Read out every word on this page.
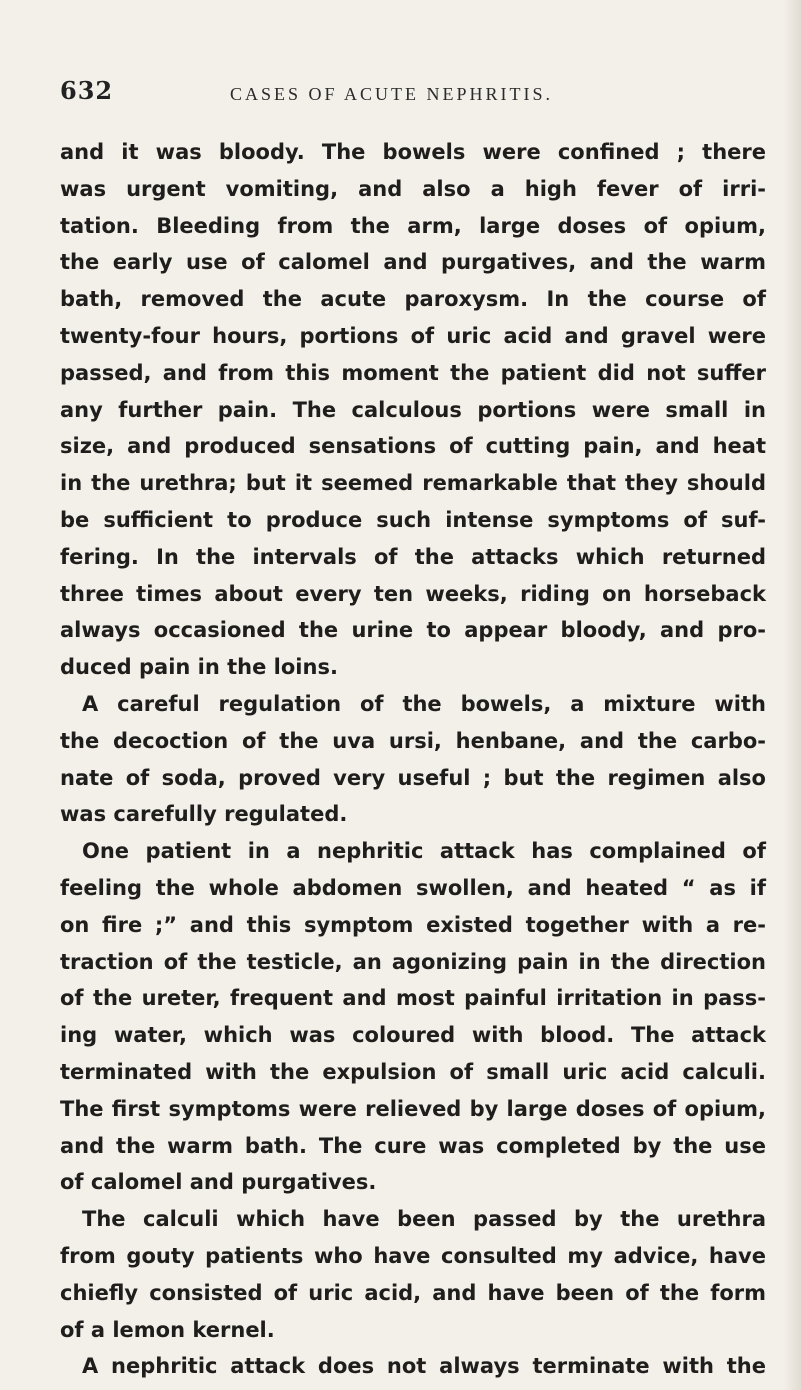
632	CASES OF ACUTE NEPHRITIS.
and it was bloody. The bowels were confined ; there
was urgent vomiting, and also a high fever of irri-
tation. Bleeding from the arm, large doses of opium,
the early use of calomel and purgatives, and the warm
bath, removed the acute paroxysm. In the course of
twenty-four hours, portions of uric acid and gravel were
passed, and from this moment the patient did not suffer
any further pain. The calculous portions were small in
size, and produced sensations of cutting pain, and heat
in the urethra; but it seemed remarkable that they should
be sufficient to produce such intense symptoms of suf-
fering. In the intervals of the attacks which returned
three times about every ten weeks, riding on horseback
always occasioned the urine to appear bloody, and pro-
duced pain in the loins.
A careful regulation of the bowels, a mixture with
the decoction of the uva ursi, henbane, and the carbo-
nate of soda, proved very useful ; but the regimen also
was carefully regulated.
One patient in a nephritic attack has complained of
feeling the whole abdomen swollen, and heated “ as if
on fire ;” and this symptom existed together with a re-
traction of the testicle, an agonizing pain in the direction
of the ureter, frequent and most painful irritation in pass-
ing water, which was coloured with blood. The attack
terminated with the expulsion of small uric acid calculi.
The first symptoms were relieved by large doses of opium,
and the warm bath. The cure was completed by the use
of calomel and purgatives.
The calculi which have been passed by the urethra
from gouty patients who have consulted my advice, have
chiefly consisted of uric acid, and have been of the form
of a lemon kernel.
A nephritic attack does not always terminate with the
